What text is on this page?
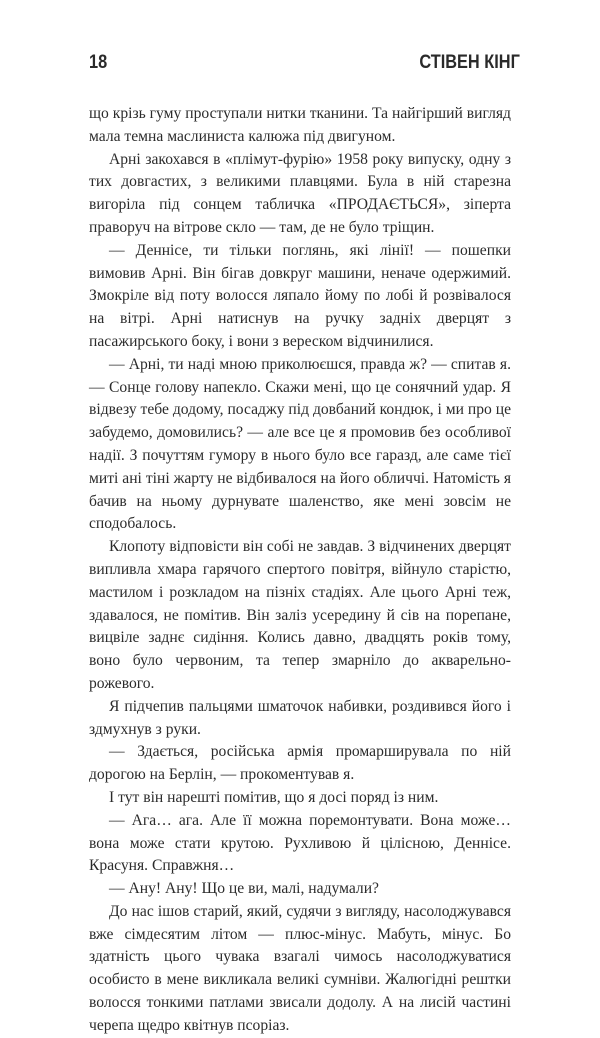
18	СТІВЕН КІНГ

що крізь гуму проступали нитки тканини. Та найгірший вигляд мала темна маслиниста калюжа під двигуном.

Арні закохався в «плімут-фурію» 1958 року випуску, одну з тих довгастих, з великими плавцями. Була в ній старезна вигоріла під сонцем табличка «ПРОДАЄТЬСЯ», зіперта праворуч на вітрове скло — там, де не було тріщин.

— Деннісе, ти тільки поглянь, які лінії! — пошепки вимовив Арні. Він бігав довкруг машини, неначе одержимий. Змокріле від поту волосся ляпало йому по лобі й розвівалося на вітрі. Арні натиснув на ручку задніх дверцят з пасажирського боку, і вони з вереском відчинилися.

— Арні, ти наді мною приколюєшся, правда ж? — спитав я. — Сонце голову напекло. Скажи мені, що це сонячний удар. Я відвезу тебе додому, посаджу під довбаний кондюк, і ми про це забудемо, домовились? — але все це я промовив без особливої надії. З почуттям гумору в нього було все гаразд, але саме тієї миті ані тіні жарту не відбивалося на його обличчі. Натомість я бачив на ньому дурнувате шаленство, яке мені зовсім не сподобалось.

Клопоту відповісти він собі не завдав. З відчинених дверцят випливла хмара гарячого спертого повітря, війнуло старістю, мастилом і розкладом на пізніх стадіях. Але цього Арні теж, здавалося, не помітив. Він заліз усередину й сів на порепане, вицвіле заднє сидіння. Колись давно, двадцять років тому, воно було червоним, та тепер змарніло до акварельно-рожевого.

Я підчепив пальцями шматочок набивки, роздивився його і здмухнув з руки.

— Здається, російська армія промарширувала по ній дорогою на Берлін, — прокоментував я.

І тут він нарешті помітив, що я досі поряд із ним.

— Ага… ага. Але її можна поремонтувати. Вона може… вона може стати крутою. Рухливою й цілісною, Деннісе. Красуня. Справжня…

— Ану! Ану! Що це ви, малі, надумали?

До нас ішов старий, який, судячи з вигляду, насолоджувався вже сімдесятим літом — плюс-мінус. Мабуть, мінус. Бо здатність цього чувака взагалі чимось насолоджуватися особисто в мене викликала великі сумніви. Жалюгідні рештки волосся тонкими патлами звисали додолу. А на лисій частині черепа щедро квітнув псоріаз.
